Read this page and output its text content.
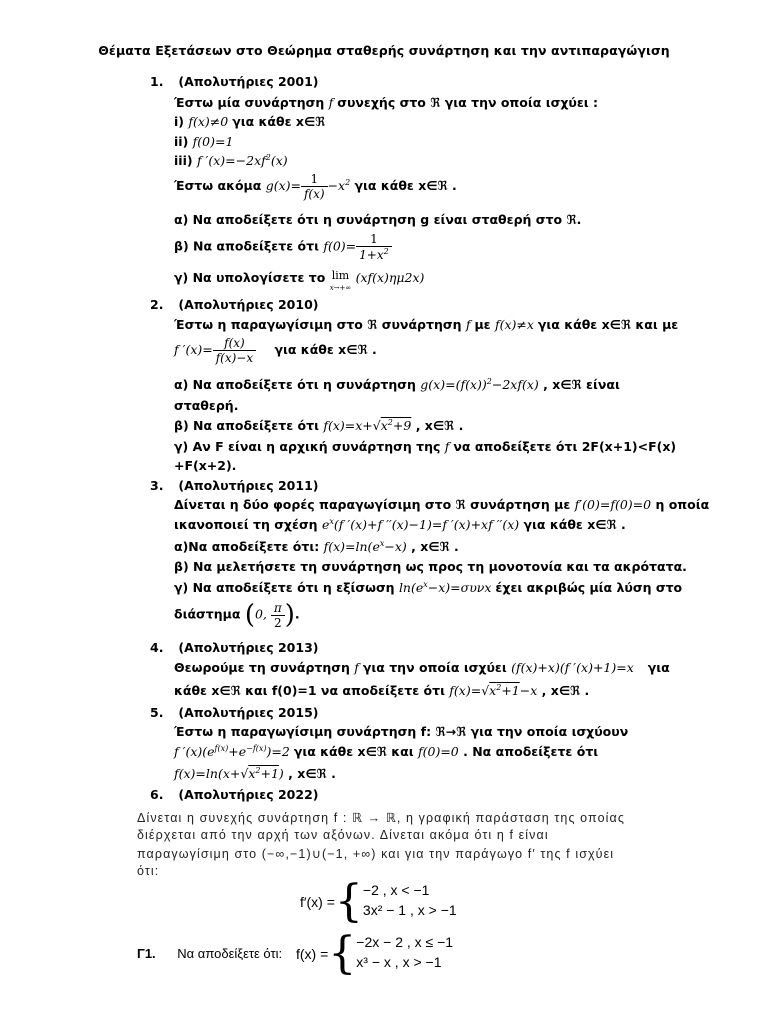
Θέματα Εξετάσεων στο Θεώρημα σταθερής συνάρτηση και την αντιπαραγώγιση
1. (Απολυτήριες 2001)
Έστω μία συνάρτηση f συνεχής στο ℜ για την οποία ισχύει :
i) f(x)≠0 για κάθε x∈ℜ
ii) f(0)=1
iii) f $'(x)=-2xf^2(x)$
Έστω ακόμα $g(x)= \frac{1}{f(x)} -x^2$ για κάθε x∈ℜ .
α) Να αποδείξετε ότι η συνάρτηση g είναι σταθερή στο ℜ.
β) Να αποδείξετε ότι $f(0)= \frac{1}{1+x^2}$
γ) Να υπολογίσετε το lim
x→+∞ (xf(x)ημ2x)
2. (Απολυτήριες 2010)
Έστω η παραγωγίσιμη στο ℜ συνάρτηση f με f(x)≠x για κάθε x∈ℜ και με
f $'(x)= \frac{f(x)}{f(x)-x}$ για κάθε x∈ℜ .
α) Να αποδείξετε ότι η συνάρτηση $g(x)=(f(x))^2-2xf(x)$ , x∈ℜ είναι
σταθερή.
β) Να αποδείξετε ότι $f(x)=x+√x^2+9$ , x∈ℜ .
γ) Αν F είναι η αρχική συνάρτηση της f να αποδείξετε ότι 2F(x+1)<F(x)
+F(x+2).
3. (Απολυτήριες 2011)
Δίνεται η δύο φορές παραγωγίσιμη στο ℜ συνάρτηση με f′(0)=f(0)=0 η οποία
ικανοποιεί τη σχέση $e^x(f$ ′(x)+f ′′(x)−1)=f ′(x)+xf ′′(x) για κάθε x∈ℜ .
α)Να αποδείξετε ότι: $f(x)=\ln(e^x-x)$ , x∈ℜ .
β) Να μελετήσετε τη συνάρτηση ως προς τη μονοτονία και τα ακρότατα.
γ) Να αποδείξετε ότι η εξίσωση $\ln(e^x-x)=\sigma\upsilon\nu x$ έχει ακριβώς μία λύση στο
διάστημα (0, $\frac{\pi}{2}$ ).
4. (Απολυτήριες 2013)
Θεωρούμε τη συνάρτηση f για την οποία ισχύει (f(x)+x)(f ′(x)+1)=x για
κάθε x∈ℜ και f(0)=1 να αποδείξετε ότι $f(x)=√x^2+1-x$ , x∈ℜ .
5. (Απολυτήριες 2015)
Έστω η παραγωγίσιμη συνάρτηση f: ℜ→ℜ για την οποία ισχύουν
f $'(x)(e^{f(x)}+e^{-f(x)})=2$ για κάθε x∈ℜ και f(0)=0 . Να αποδείξετε ότι
$f(x)=\ln(x+√x^2+1)$ , x∈ℜ .
6. (Απολυτήριες 2022)
Δίνεται η συνεχής συνάρτηση f : ℝ → ℝ, η γραφική παράσταση της οποίας
διέρχεται από την αρχή των αξόνων. Δίνεται ακόμα ότι η f είναι
παραγωγίσιμη στο (−∞,−1)∪(−1, +∞) και για την παράγωγο f′ της f ισχύει
ότι:
f′(x) = { −2 , x < −1
3x² − 1 , x > −1
Γ1. Να αποδείξετε ότι: f(x) = { −2x − 2 , x ≤ −1
x³ − x , x > −1
